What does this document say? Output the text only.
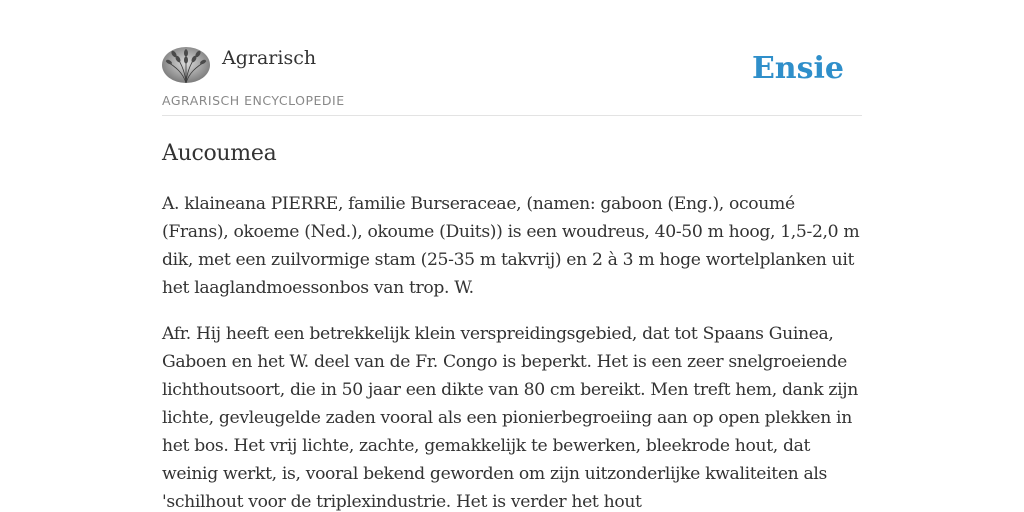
Agrarisch
AGRARISCH ENCYCLOPEDIE
Ensie
Aucoumea

A. klaineana PIERRE, familie Burseraceae, (namen: gaboon (Eng.), ocoumé (Frans), okoeme (Ned.), okoume (Duits)) is een woudreus, 40-50 m hoog, 1,5-2,0 m dik, met een zuilvormige stam (25-35 m takvrij) en 2 à 3 m hoge wortelplanken uit het laaglandmoessonbos van trop. W.

Afr. Hij heeft een betrekkelijk klein verspreidingsgebied, dat tot Spaans Guinea, Gaboen en het W. deel van de Fr. Congo is beperkt. Het is een zeer snelgroeiende lichthoutsoort, die in 50 jaar een dikte van 80 cm bereikt. Men treft hem, dank zijn lichte, gevleugelde zaden vooral als een pionierbegroeiing aan op open plekken in het bos. Het vrij lichte, zachte, gemakkelijk te bewerken, bleekrode hout, dat weinig werkt, is, vooral bekend geworden om zijn uitzonderlijke kwaliteiten als 'schilhout voor de triplexindustrie. Het is verder het hout
